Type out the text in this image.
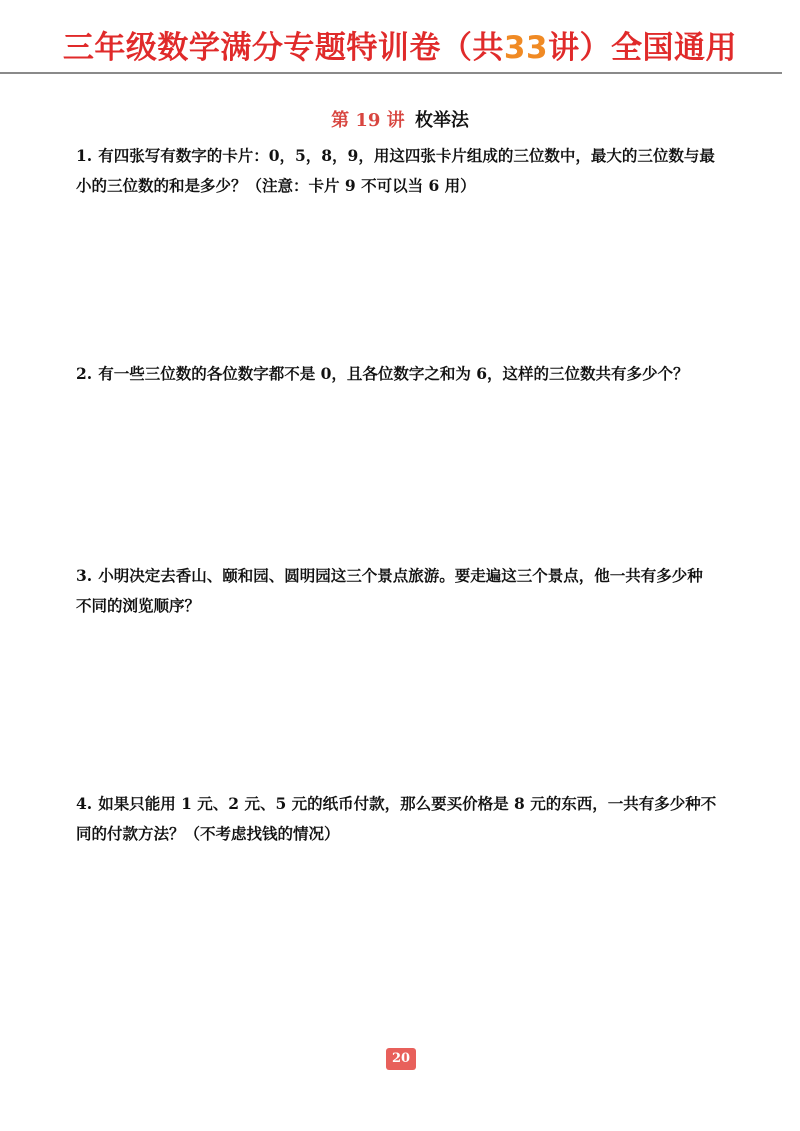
三年级数学满分专题特训卷（共33讲）全国通用
第 19 讲 枚举法
1. 有四张写有数字的卡片：0，5，8，9，用这四张卡片组成的三位数中，最大的三位数与最
小的三位数的和是多少？（注意：卡片 9 不可以当 6 用）
2. 有一些三位数的各位数字都不是 0，且各位数字之和为 6，这样的三位数共有多少个？
3. 小明决定去香山、颐和园、圆明园这三个景点旅游。要走遍这三个景点，他一共有多少种
不同的浏览顺序？
4. 如果只能用 1 元、2 元、5 元的纸币付款，那么要买价格是 8 元的东西，一共有多少种不
同的付款方法？（不考虑找钱的情况）
20
